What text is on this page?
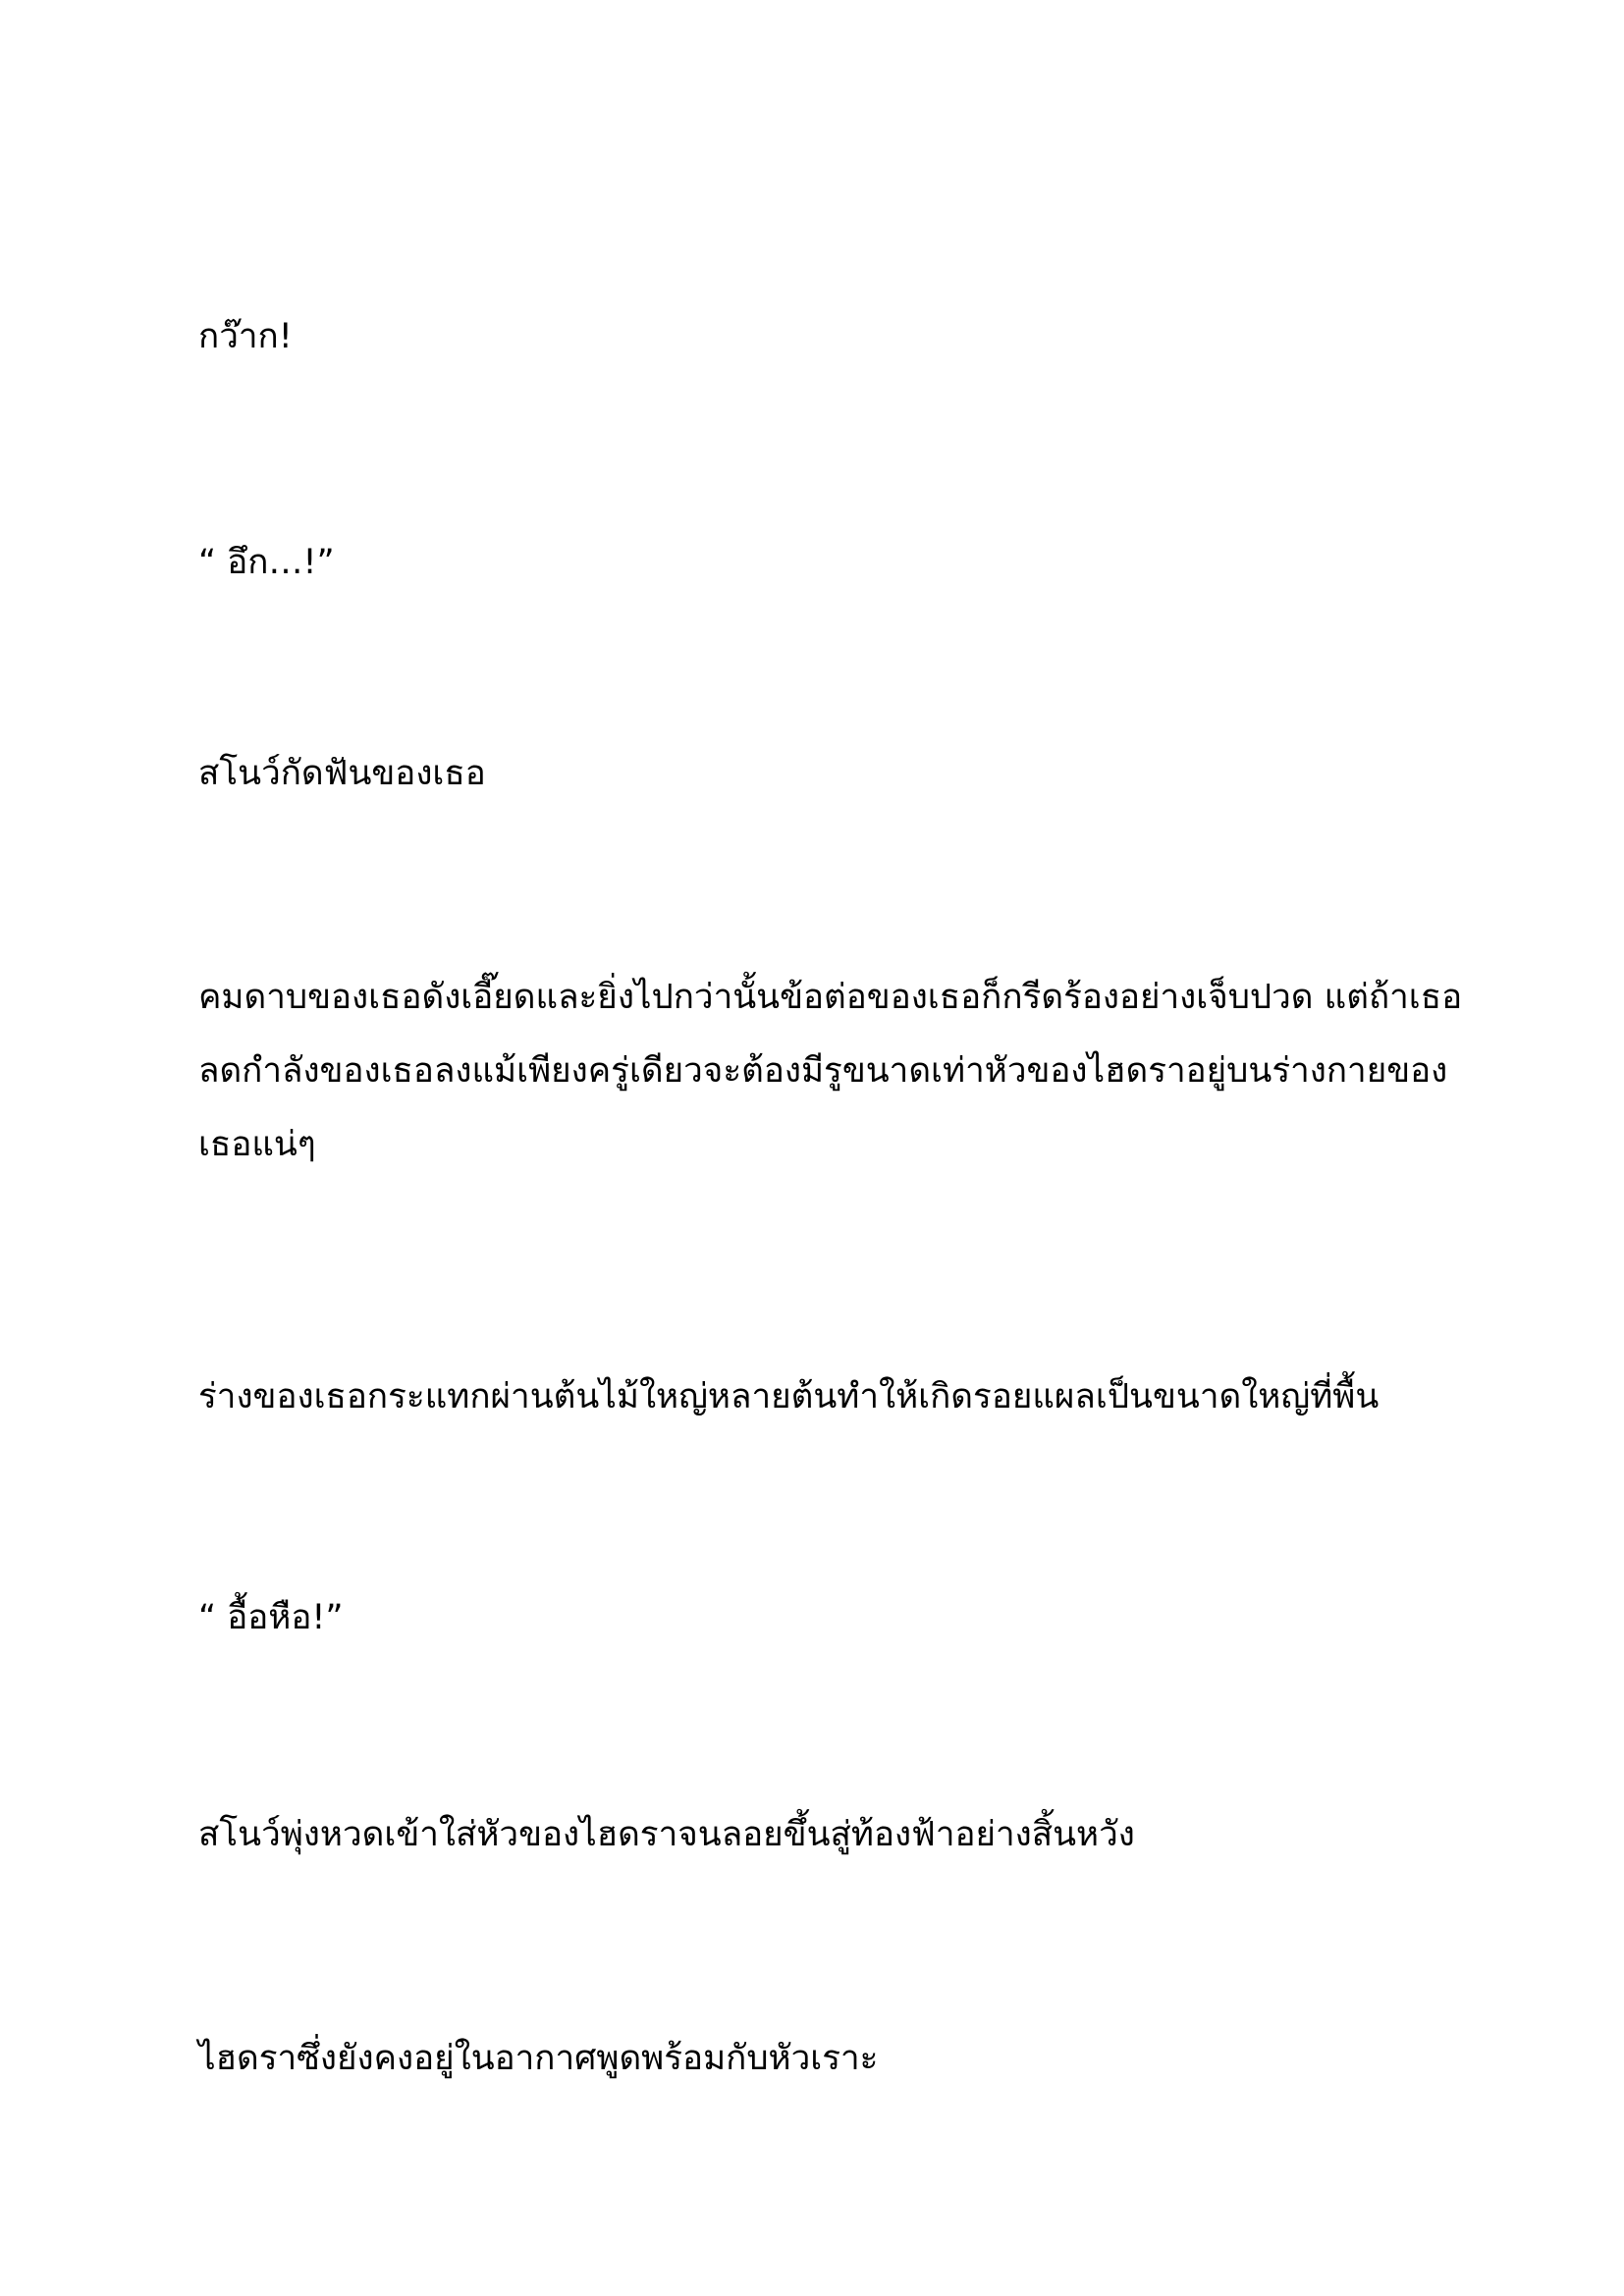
กว๊าก!

“ อึก…!”

สโนว์กัดฟันของเธอ

คมดาบของเธอดังเอี๊ยดและยิ่งไปกว่านั้นข้อต่อของเธอก็กรีดร้องอย่างเจ็บปวด แต่ถ้าเธอลดกำลังของเธอลงแม้เพียงครู่เดียวจะต้องมีรูขนาดเท่าหัวของไฮดราอยู่บนร่างกายของเธอแน่ๆ

ร่างของเธอกระแทกผ่านต้นไม้ใหญ่หลายต้นทำให้เกิดรอยแผลเป็นขนาดใหญ่ที่พื้น

“ อื้อหือ!”

สโนว์พุ่งหวดเข้าใส่หัวของไฮดราจนลอยขึ้นสู่ท้องฟ้าอย่างสิ้นหวัง

ไฮดราซึ่งยังคงอยู่ในอากาศพูดพร้อมกับหัวเราะ
